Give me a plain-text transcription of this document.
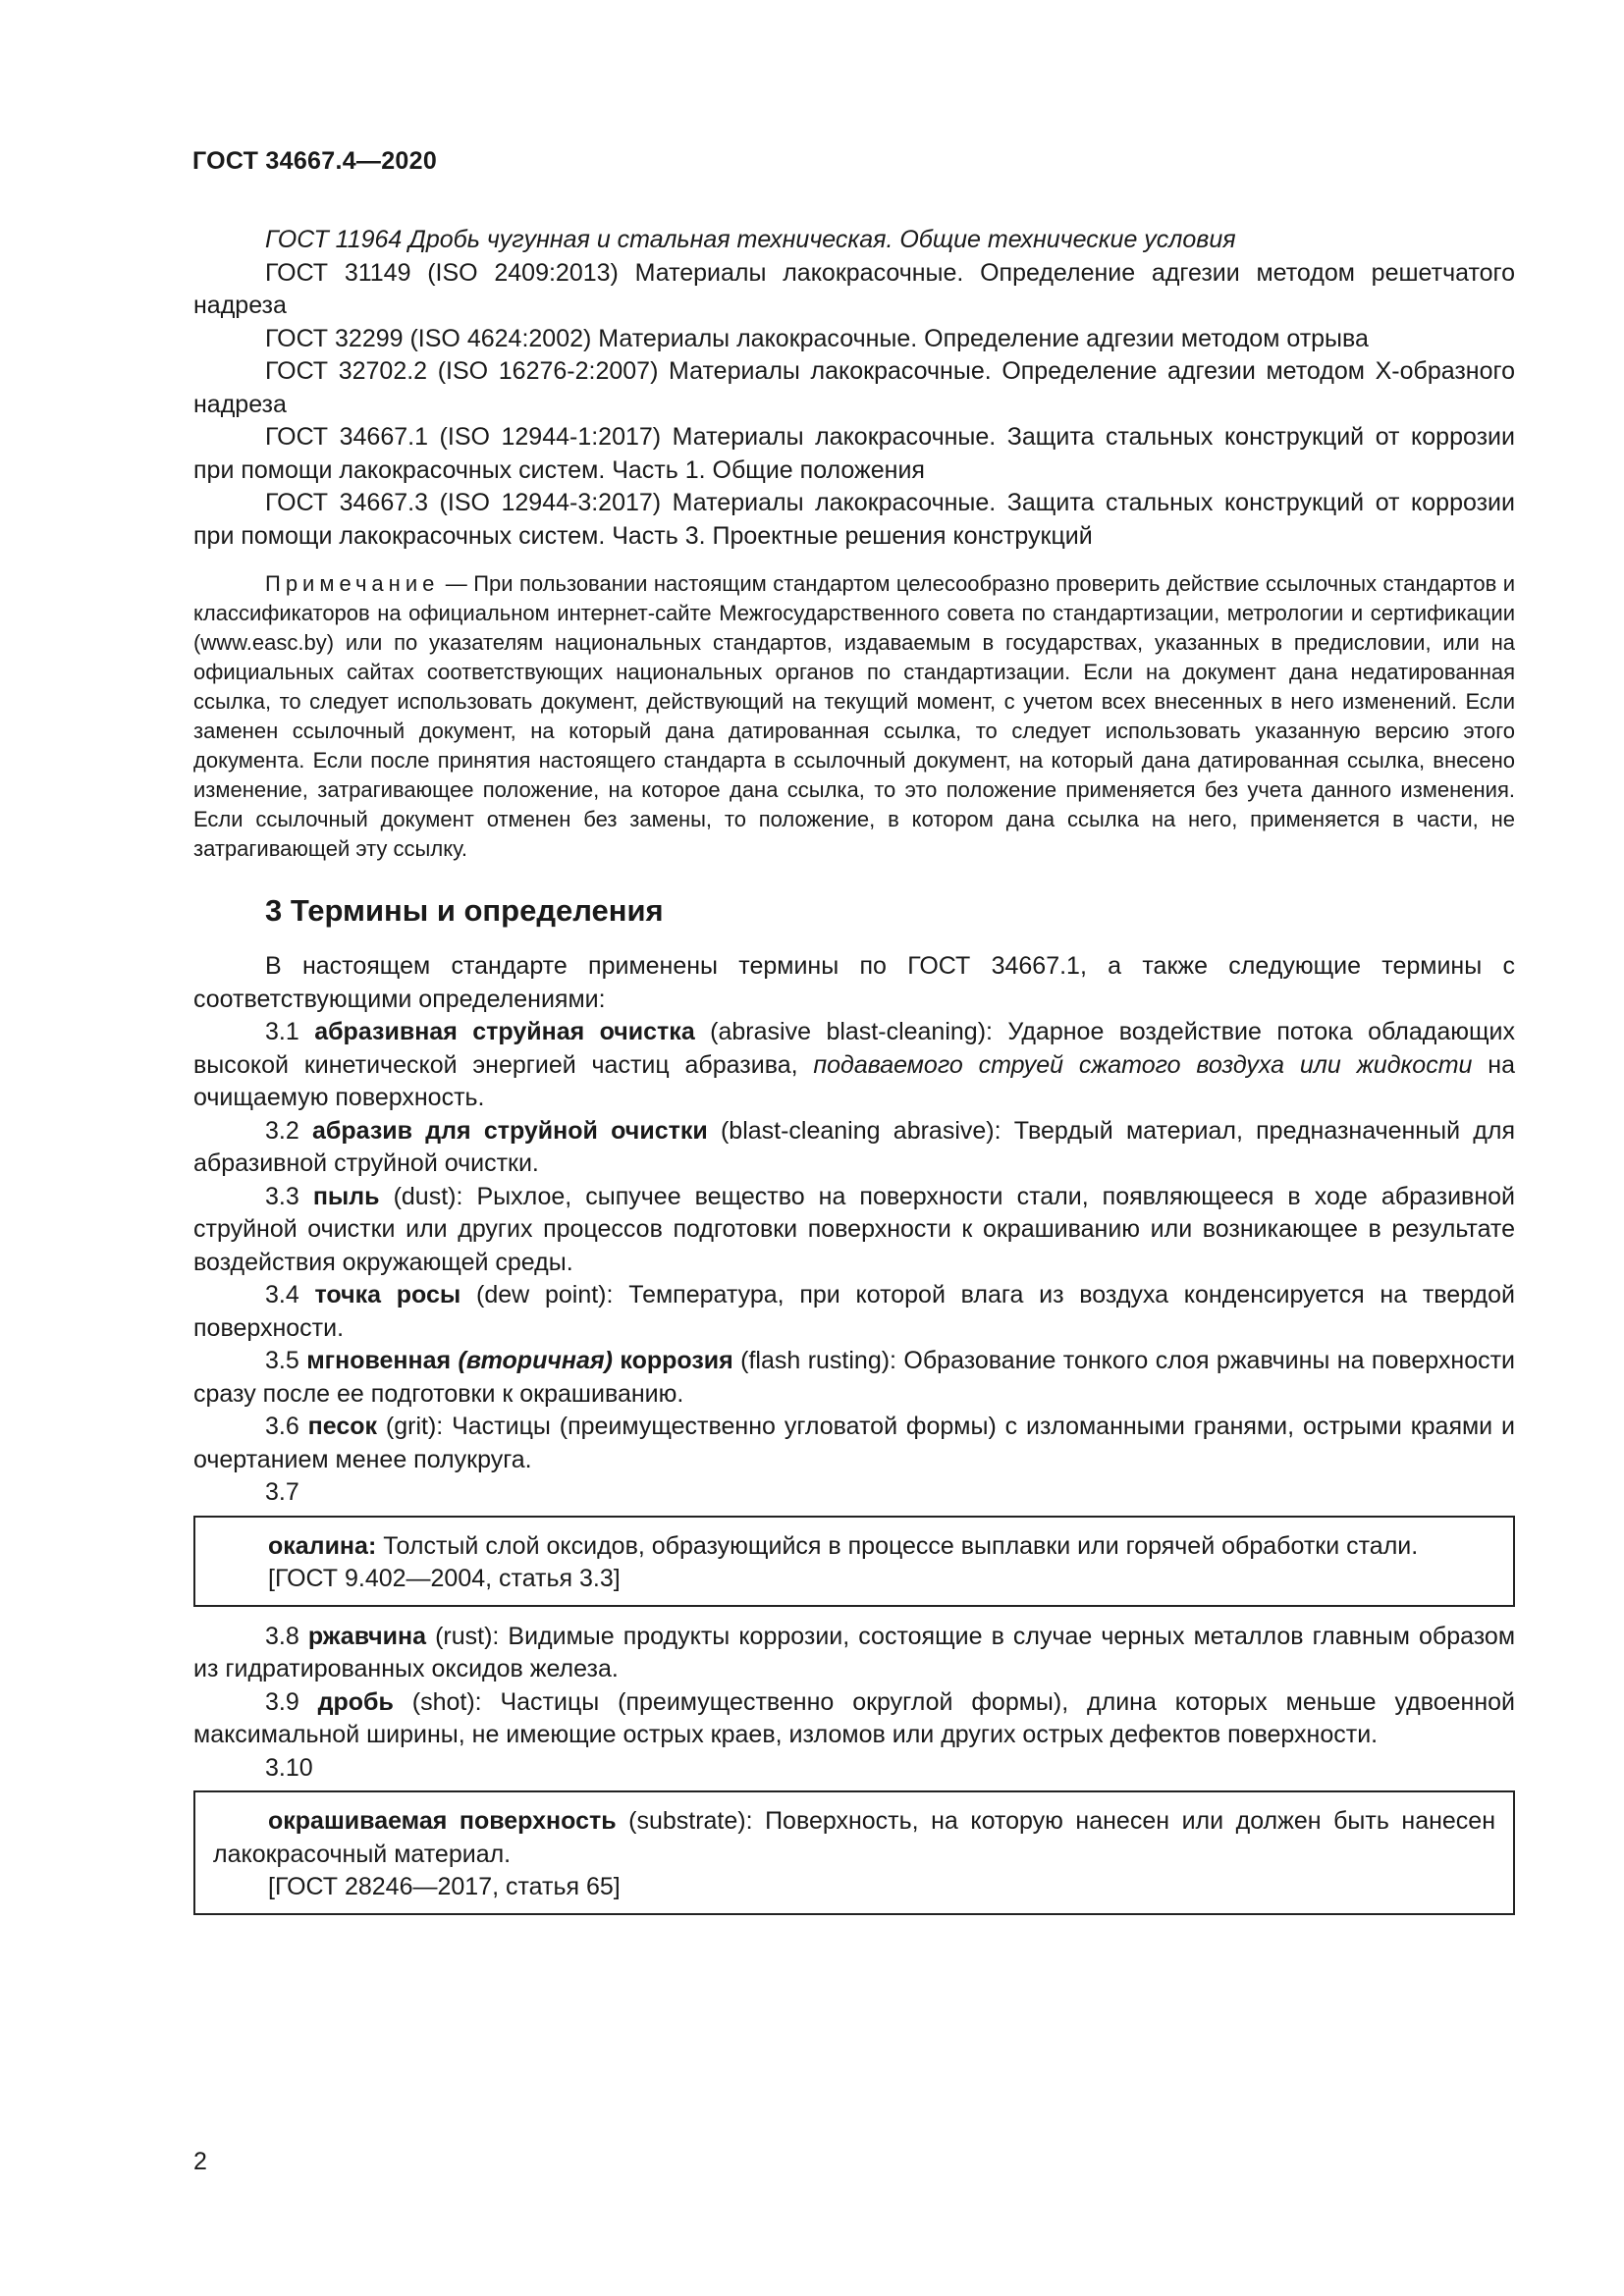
ГОСТ 34667.4—2020

ГОСТ 11964 Дробь чугунная и стальная техническая. Общие технические условия

ГОСТ 31149 (ISO 2409:2013) Материалы лакокрасочные. Определение адгезии методом решетчатого надреза

ГОСТ 32299 (ISO 4624:2002) Материалы лакокрасочные. Определение адгезии методом отрыва

ГОСТ 32702.2 (ISO 16276-2:2007) Материалы лакокрасочные. Определение адгезии методом Х-образного надреза

ГОСТ 34667.1 (ISO 12944-1:2017) Материалы лакокрасочные. Защита стальных конструкций от коррозии при помощи лакокрасочных систем. Часть 1. Общие положения

ГОСТ 34667.3 (ISO 12944-3:2017) Материалы лакокрасочные. Защита стальных конструкций от коррозии при помощи лакокрасочных систем. Часть 3. Проектные решения конструкций

Примечание — При пользовании настоящим стандартом целесообразно проверить действие ссылочных стандартов и классификаторов на официальном интернет-сайте Межгосударственного совета по стандартизации, метрологии и сертификации (www.easc.by) или по указателям национальных стандартов, издаваемым в государствах, указанных в предисловии, или на официальных сайтах соответствующих национальных органов по стандартизации. Если на документ дана недатированная ссылка, то следует использовать документ, действующий на текущий момент, с учетом всех внесенных в него изменений. Если заменен ссылочный документ, на который дана датированная ссылка, то следует использовать указанную версию этого документа. Если после принятия настоящего стандарта в ссылочный документ, на который дана датированная ссылка, внесено изменение, затрагивающее положение, на которое дана ссылка, то это положение применяется без учета данного изменения. Если ссылочный документ отменен без замены, то положение, в котором дана ссылка на него, применяется в части, не затрагивающей эту ссылку.

3 Термины и определения

В настоящем стандарте применены термины по ГОСТ 34667.1, а также следующие термины с соответствующими определениями:

3.1 абразивная струйная очистка (abrasive blast-cleaning): Ударное воздействие потока обладающих высокой кинетической энергией частиц абразива, подаваемого струей сжатого воздуха или жидкости на очищаемую поверхность.

3.2 абразив для струйной очистки (blast-cleaning abrasive): Твердый материал, предназначенный для абразивной струйной очистки.

3.3 пыль (dust): Рыхлое, сыпучее вещество на поверхности стали, появляющееся в ходе абразивной струйной очистки или других процессов подготовки поверхности к окрашиванию или возникающее в результате воздействия окружающей среды.

3.4 точка росы (dew point): Температура, при которой влага из воздуха конденсируется на твердой поверхности.

3.5 мгновенная (вторичная) коррозия (flash rusting): Образование тонкого слоя ржавчины на поверхности сразу после ее подготовки к окрашиванию.

3.6 песок (grit): Частицы (преимущественно угловатой формы) с изломанными гранями, острыми краями и очертанием менее полукруга.

3.7

окалина: Толстый слой оксидов, образующийся в процессе выплавки или горячей обработки стали.

[ГОСТ 9.402—2004, статья 3.3]

3.8 ржавчина (rust): Видимые продукты коррозии, состоящие в случае черных металлов главным образом из гидратированных оксидов железа.

3.9 дробь (shot): Частицы (преимущественно округлой формы), длина которых меньше удвоенной максимальной ширины, не имеющие острых краев, изломов или других острых дефектов поверхности.

3.10

окрашиваемая поверхность (substrate): Поверхность, на которую нанесен или должен быть нанесен лакокрасочный материал.

[ГОСТ 28246—2017, статья 65]

2
